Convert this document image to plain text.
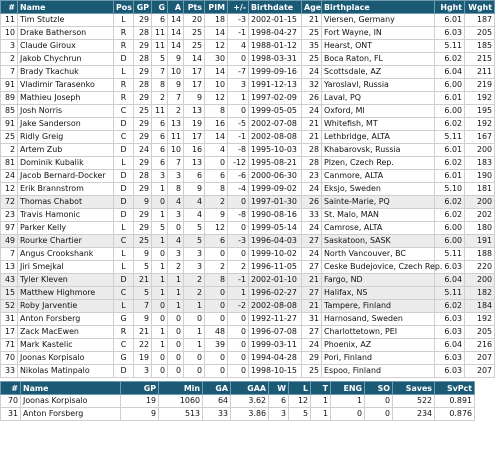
#	Name	Pos	GP	G	A	Pts	PIM	+/-	Birthdate	Age	Birthplace	Hght	Wght
11	Tim Stutzle	L	29	6	14	20	18	-3	2002-01-15	21	Viersen, Germany	6.01	187
10	Drake Batherson	R	28	11	14	25	14	-1	1998-04-27	25	Fort Wayne, IN	6.03	205
3	Claude Giroux	R	29	11	14	25	12	4	1988-01-12	35	Hearst, ONT	5.11	185
2	Jakob Chychrun	D	28	5	9	14	30	0	1998-03-31	25	Boca Raton, FL	6.02	215
7	Brady Tkachuk	L	29	7	10	17	14	-7	1999-09-16	24	Scottsdale, AZ	6.04	211
91	Vladimir Tarasenko	R	28	8	9	17	10	3	1991-12-13	32	Yaroslavl, Russia	6.00	219
89	Mathieu Joseph	R	29	2	7	9	12	1	1997-02-09	26	Laval, PQ	6.01	192
85	Josh Norris	C	25	11	2	13	8	0	1999-05-05	24	Oxford, MI	6.00	195
91	Jake Sanderson	D	29	6	13	19	16	-5	2002-07-08	21	Whitefish, MT	6.02	192
25	Ridly Greig	C	29	6	11	17	14	-1	2002-08-08	21	Lethbridge, ALTA	5.11	167
2	Artem Zub	D	24	6	10	16	4	-8	1995-10-03	28	Khabarovsk, Russia	6.01	200
81	Dominik Kubalik	L	29	6	7	13	0	-12	1995-08-21	28	Plzen, Czech Rep.	6.02	183
24	Jacob Bernard-Docker	D	28	3	3	6	6	-6	2000-06-30	23	Canmore, ALTA	6.01	190
12	Erik Brannstrom	D	29	1	8	9	8	-4	1999-09-02	24	Eksjo, Sweden	5.10	181
72	Thomas Chabot	D	9	0	4	4	2	0	1997-01-30	26	Sainte-Marie, PQ	6.02	200
23	Travis Hamonic	D	29	1	3	4	9	-8	1990-08-16	33	St. Malo, MAN	6.02	202
97	Parker Kelly	L	29	5	0	5	12	0	1999-05-14	24	Camrose, ALTA	6.00	180
49	Rourke Chartier	C	25	1	4	5	6	-3	1996-04-03	27	Saskatoon, SASK	6.00	191
7	Angus Crookshank	L	9	0	3	3	0	0	1999-10-02	24	North Vancouver, BC	5.11	188
13	Jiri Smejkal	L	5	1	2	3	2	2	1996-11-05	27	Ceske Budejovice, Czech Rep.	6.03	220
43	Tyler Kleven	D	21	1	1	2	8	-1	2002-01-10	21	Fargo, ND	6.04	200
15	Matthew Highmore	C	5	1	1	2	0	1	1996-02-27	27	Halifax, NS	5.11	182
52	Roby Jarventie	L	7	0	1	1	0	-2	2002-08-08	21	Tampere, Finland	6.02	184
31	Anton Forsberg	G	9	0	0	0	0	0	1992-11-27	31	Harnosand, Sweden	6.03	192
17	Zack MacEwen	R	21	1	0	1	48	0	1996-07-08	27	Charlottetown, PEI	6.03	205
71	Mark Kastelic	C	22	1	0	1	39	0	1999-03-11	24	Phoenix, AZ	6.04	216
70	Joonas Korpisalo	G	19	0	0	0	0	0	1994-04-28	29	Pori, Finland	6.03	207
33	Nikolas Matinpalo	D	3	0	0	0	0	0	1998-10-15	25	Espoo, Finland	6.03	207
#	Name	GP	Min	GA	GAA	W	L	T	ENG	SO	Saves	SvPct
70	Joonas Korpisalo	19	1060	64	3.62	6	12	1	1	0	522	0.891
31	Anton Forsberg	9	513	33	3.86	3	5	1	0	0	234	0.876
